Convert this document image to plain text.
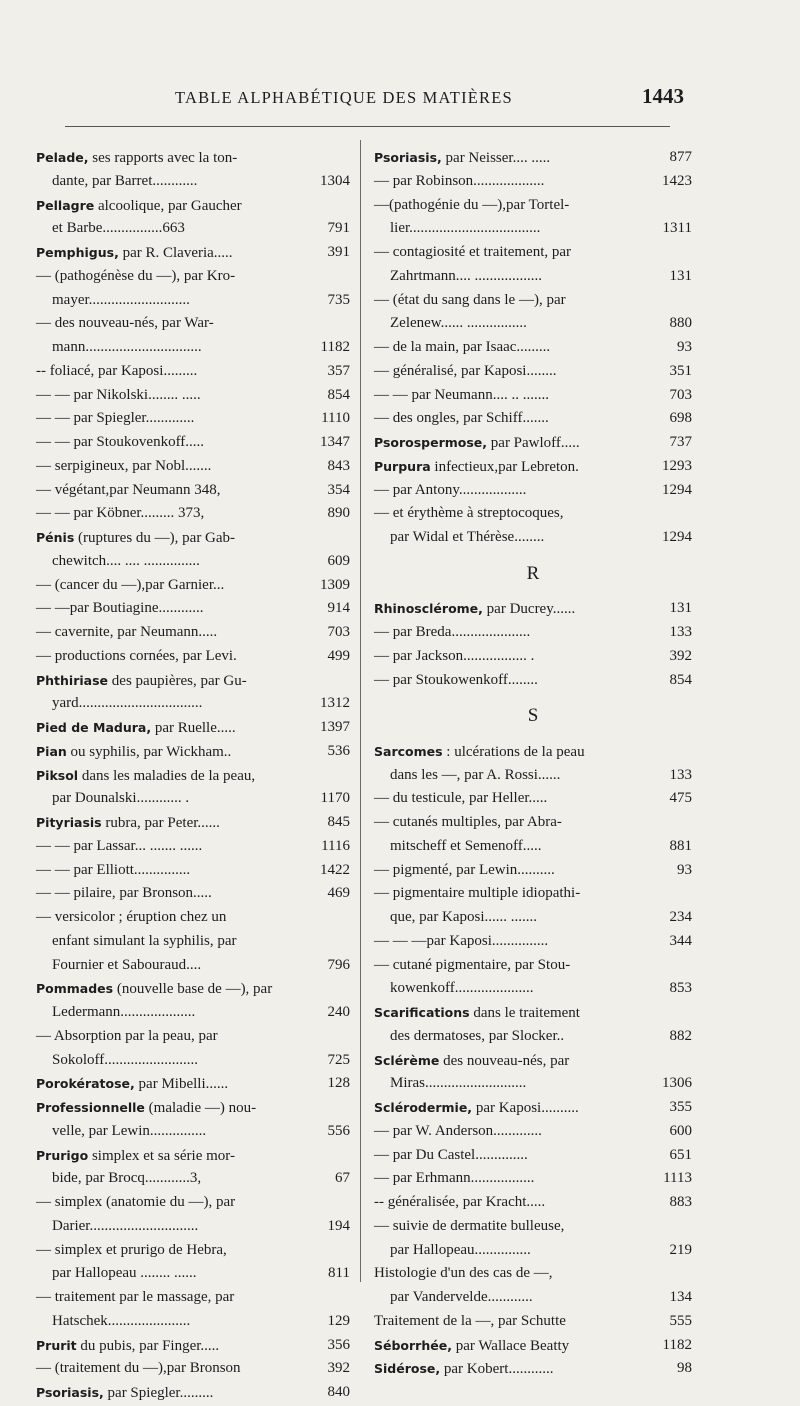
TABLE ALPHABÉTIQUE DES MATIÈRES	1443
Pelade, ses rapports avec la ton-
dante, par Barret............	1304
Pellagre alcoolique, par Gaucher
et Barbe................663	791
Pemphigus, par R. Claveria.....	391
— (pathogénèse du —), par Kro-
mayer...........................	735
— des nouveau-nés, par War-
mann...............................	1182
-- foliacé, par Kaposi.........	357
— — par Nikolski........ .....	854
— — par Spiegler.............	1110
— — par Stoukovenkoff.....	1347
— serpigineux, par Nobl.......	843
— végétant,par Neumann 348,	354
— — par Köbner......... 373,	890
Pénis (ruptures du —), par Gab-
chewitch.... .... ...............	609
— (cancer du —),par Garnier...	1309
— —par Boutiagine............	914
— cavernite, par Neumann.....	703
— productions cornées, par Levi.	499
Phthiriase des paupières, par Gu-
yard.................................	1312
Pied de Madura, par Ruelle.....	1397
Pian ou syphilis, par Wickham..	536
Piksol dans les maladies de la peau,
par Dounalski............ .	1170
Pityriasis rubra, par Peter......	845
— — par Lassar... ....... ......	1116
— — par Elliott...............	1422
— — pilaire, par Bronson.....	469
— versicolor ; éruption chez un
enfant simulant la syphilis, par
Fournier et Sabouraud....	796
Pommades (nouvelle base de —), par
Ledermann....................	240
— Absorption par la peau, par
Sokoloff.........................	725
Porokératose, par Mibelli......	128
Professionnelle (maladie —) nou-
velle, par Lewin...............	556
Prurigo simplex et sa série mor-
bide, par Brocq............3,	67
— simplex (anatomie du —), par
Darier.............................	194
— simplex et prurigo de Hebra,
par Hallopeau ........ ......	811
— traitement par le massage, par
Hatschek......................	129
Prurit du pubis, par Finger.....	356
— (traitement du —),par Bronson	392
Psoriasis, par Spiegler.........	840
Psoriasis, par Neisser.... .....	877
— par Robinson...................	1423
—(pathogénie du —),par Tortel-
lier...................................	1311
— contagiosité et traitement, par
Zahrtmann.... ..................	131
— (état du sang dans le —), par
Zelenew...... ................	880
— de la main, par Isaac.........	93
— généralisé, par Kaposi........	351
— — par Neumann.... .. .......	703
— des ongles, par Schiff.......	698
Psorospermose, par Pawloff.....	737
Purpura infectieux,par Lebreton.	1293
— par Antony..................	1294
— et érythème à streptocoques,
par Widal et Thérèse........	1294
R
Rhinosclérome, par Ducrey......	131
— par Breda.....................	133
— par Jackson................. .	392
— par Stoukowenkoff........	854
S
Sarcomes : ulcérations de la peau
dans les —, par A. Rossi......	133
— du testicule, par Heller.....	475
— cutanés multiples, par Abra-
mitscheff et Semenoff.....	881
— pigmenté, par Lewin..........	93
— pigmentaire multiple idiopathi-
que, par Kaposi...... .......	234
— — —par Kaposi...............	344
— cutané pigmentaire, par Stou-
kowenkoff.....................	853
Scarifications dans le traitement
des dermatoses, par Slocker..	882
Sclérème des nouveau-nés, par
Miras...........................	1306
Sclérodermie, par Kaposi..........	355
— par W. Anderson.............	600
— par Du Castel..............	651
— par Erhmann.................	1113
-- généralisée, par Kracht.....	883
— suivie de dermatite bulleuse,
par Hallopeau...............	219
Histologie d'un des cas de —,
par Vandervelde............	134
Traitement de la —, par Schutte	555
Séborrhée, par Wallace Beatty	1182
Sidérose, par Kobert............	98
